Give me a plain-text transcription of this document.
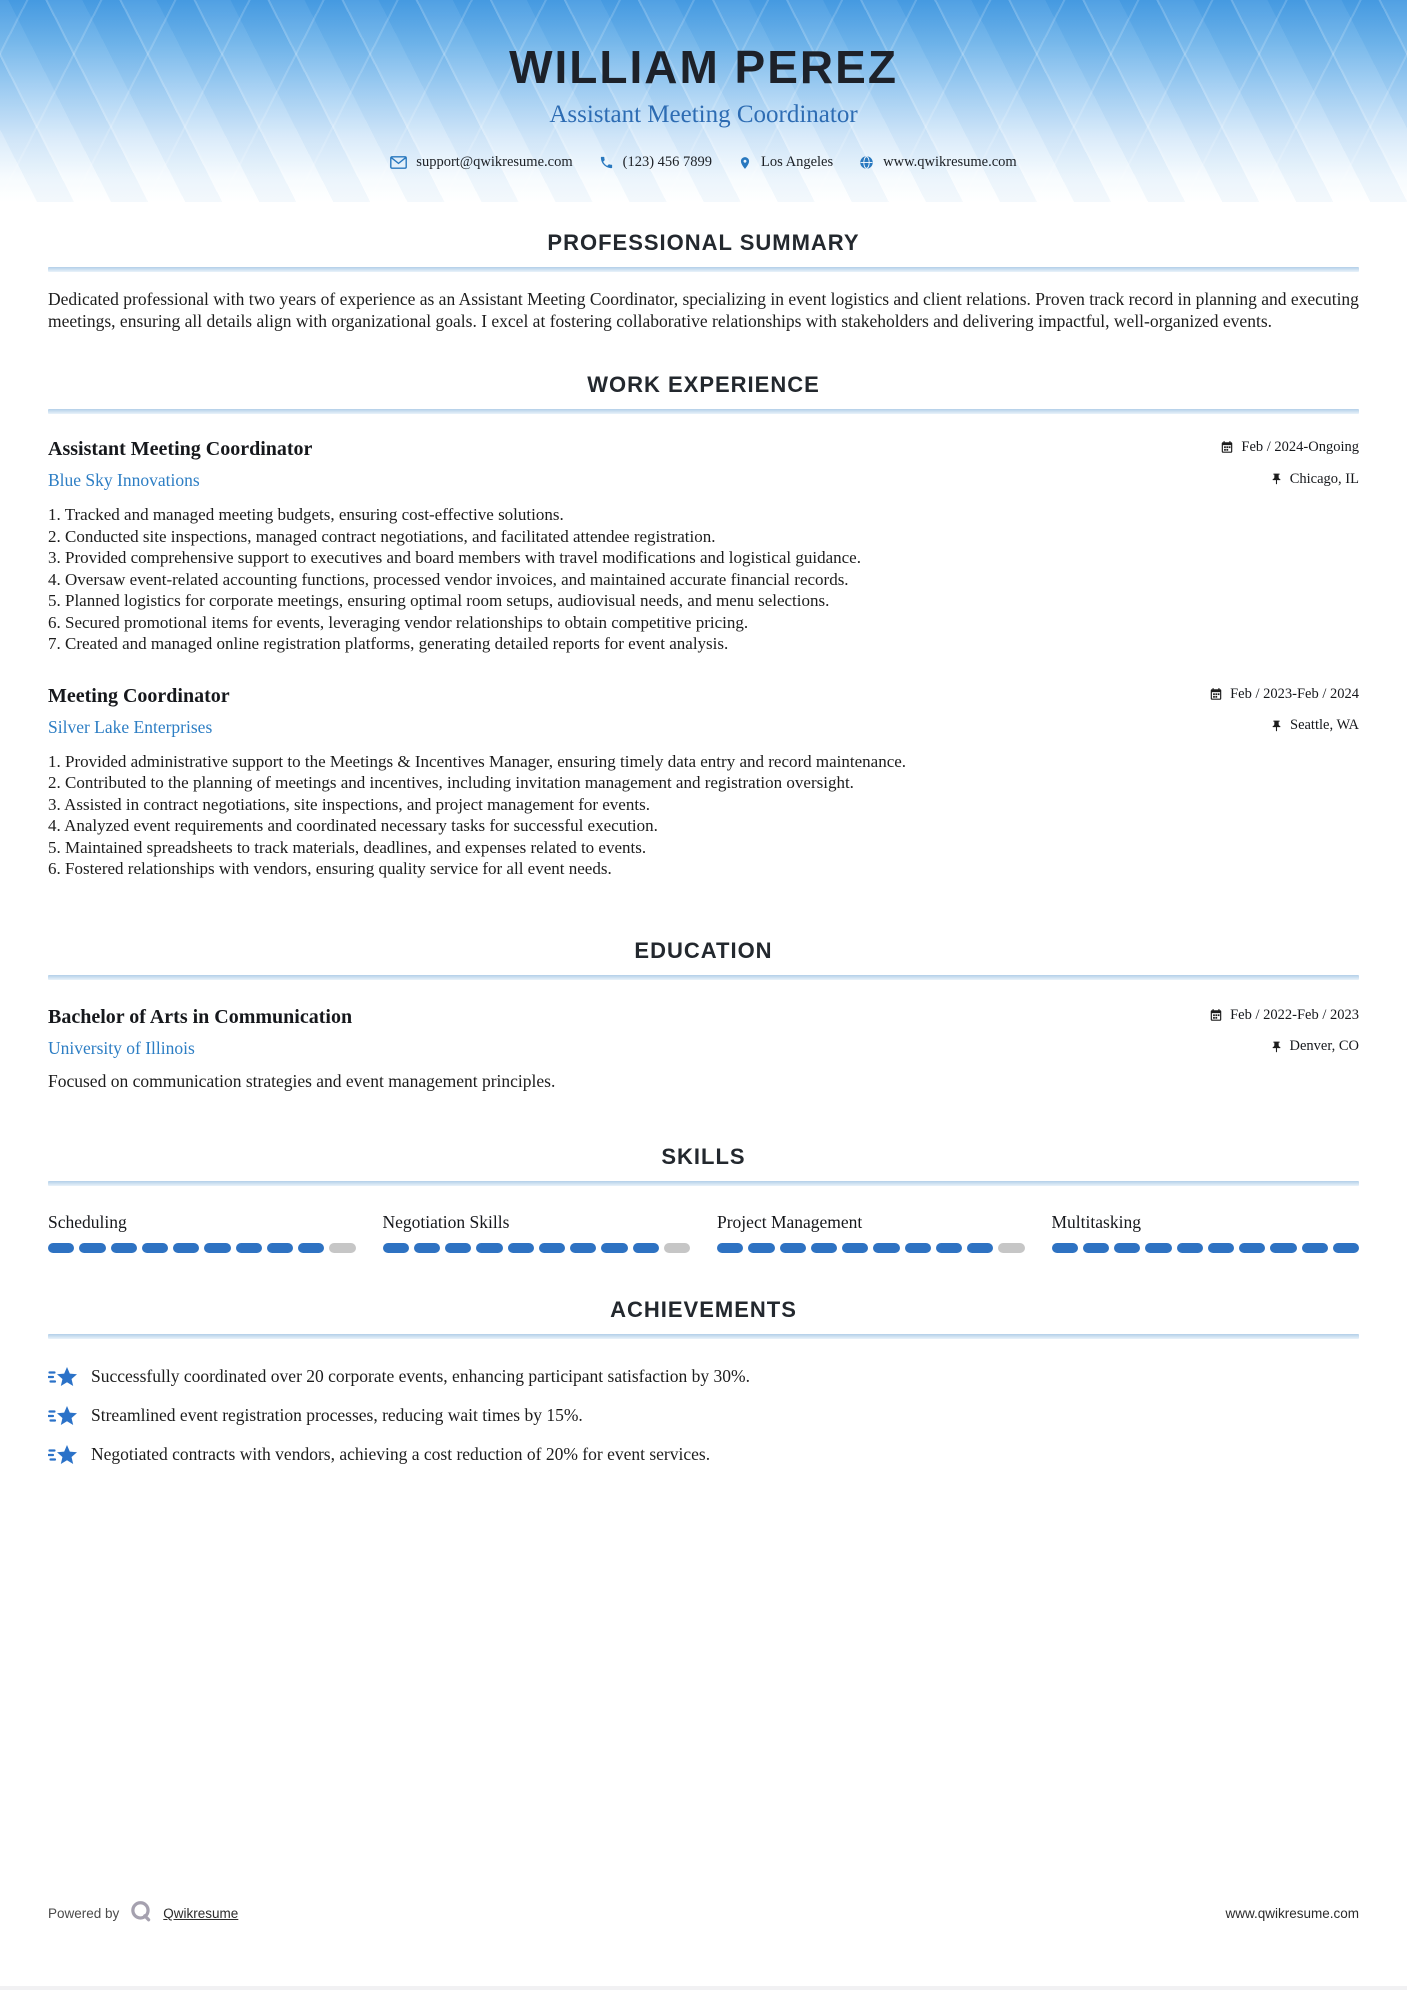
WILLIAM PEREZ
Assistant Meeting Coordinator
support@qwikresume.com	(123) 456 7899	Los Angeles	www.qwikresume.com
PROFESSIONAL SUMMARY

Dedicated professional with two years of experience as an Assistant Meeting Coordinator, specializing in event logistics and client relations. Proven track record in planning and executing meetings, ensuring all details align with organizational goals. I excel at fostering collaborative relationships with stakeholders and delivering impactful, well-organized events.

WORK EXPERIENCE
Assistant Meeting Coordinator	Feb / 2024-Ongoing
Blue Sky Innovations	Chicago, IL
Tracked and managed meeting budgets, ensuring cost-effective solutions.
Conducted site inspections, managed contract negotiations, and facilitated attendee registration.
Provided comprehensive support to executives and board members with travel modifications and logistical guidance.
Oversaw event-related accounting functions, processed vendor invoices, and maintained accurate financial records.
Planned logistics for corporate meetings, ensuring optimal room setups, audiovisual needs, and menu selections.
Secured promotional items for events, leveraging vendor relationships to obtain competitive pricing.
Created and managed online registration platforms, generating detailed reports for event analysis.
Meeting Coordinator	Feb / 2023-Feb / 2024
Silver Lake Enterprises	Seattle, WA
Provided administrative support to the Meetings & Incentives Manager, ensuring timely data entry and record maintenance.
Contributed to the planning of meetings and incentives, including invitation management and registration oversight.
Assisted in contract negotiations, site inspections, and project management for events.
Analyzed event requirements and coordinated necessary tasks for successful execution.
Maintained spreadsheets to track materials, deadlines, and expenses related to events.
Fostered relationships with vendors, ensuring quality service for all event needs.
EDUCATION
Bachelor of Arts in Communication	Feb / 2022-Feb / 2023
University of Illinois	Denver, CO

Focused on communication strategies and event management principles.

SKILLS
Scheduling	Negotiation Skills	Project Management	Multitasking
ACHIEVEMENTS
Successfully coordinated over 20 corporate events, enhancing participant satisfaction by 30%.
Streamlined event registration processes, reducing wait times by 15%.
Negotiated contracts with vendors, achieving a cost reduction of 20% for event services.
Powered by	Qwikresume	www.qwikresume.com
